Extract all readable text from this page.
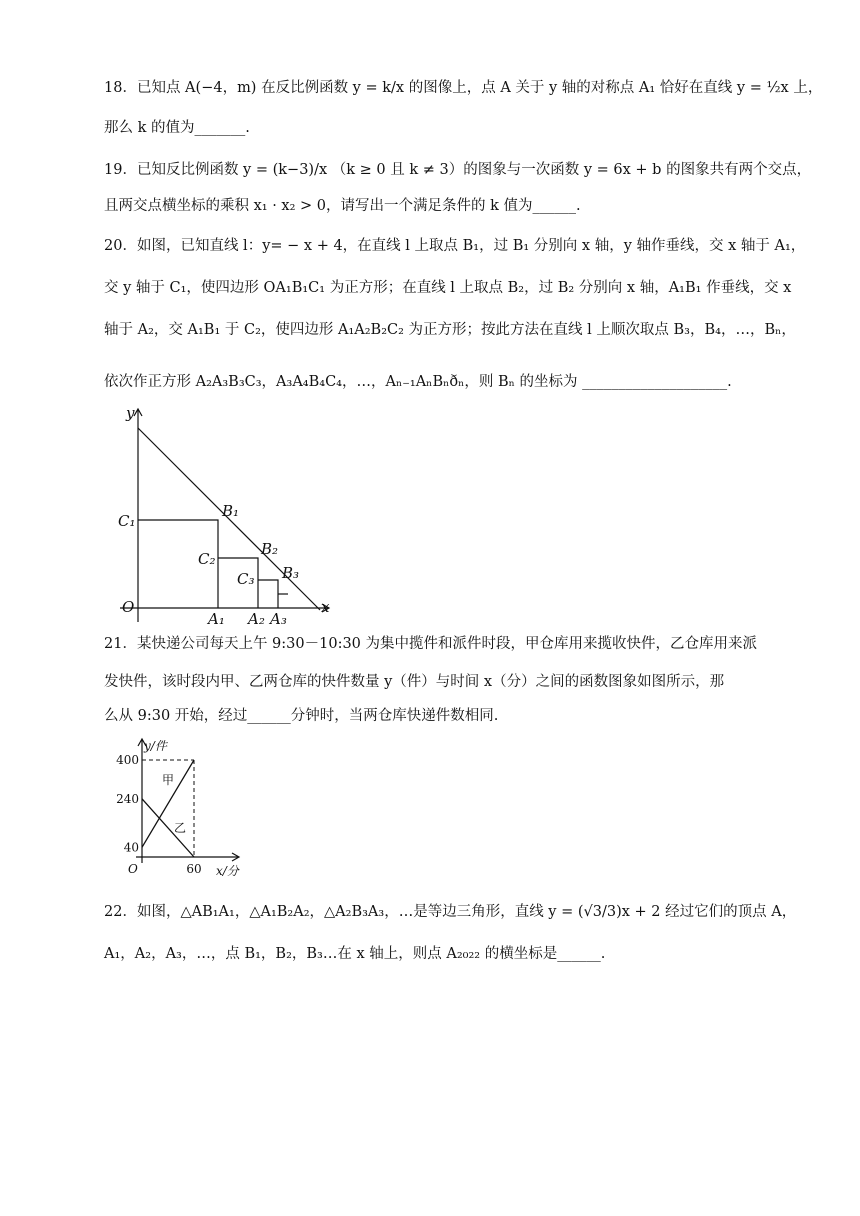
18．已知点 A(−4，m) 在反比例函数 y = k/x 的图像上，点 A 关于 y 轴的对称点 A₁ 恰好在直线 y = ½x 上，
那么 k 的值为_______.
19．已知反比例函数 y = (k−3)/x （k ≥ 0 且 k ≠ 3）的图象与一次函数 y = 6x + b 的图象共有两个交点，
且两交点横坐标的乘积 x₁ · x₂ > 0，请写出一个满足条件的 k 值为______.
20．如图，已知直线 l：y= − x + 4，在直线 l 上取点 B₁，过 B₁ 分别向 x 轴，y 轴作垂线，交 x 轴于 A₁，
交 y 轴于 C₁，使四边形 OA₁B₁C₁ 为正方形；在直线 l 上取点 B₂，过 B₂ 分别向 x 轴，A₁B₁ 作垂线，交 x
轴于 A₂，交 A₁B₁ 于 C₂，使四边形 A₁A₂B₂C₂ 为正方形；按此方法在直线 l 上顺次取点 B₃，B₄，…，Bₙ，
依次作正方形 A₂A₃B₃C₃，A₃A₄B₄C₄，…，Aₙ₋₁AₙBₙðₙ，则 Bₙ 的坐标为 ____________________.
y
x
O
C₁
C₂
C₃
B₁
B₂
B₃
A₁ A₂ A₃
21．某快递公司每天上午 9:30－10:30 为集中揽件和派件时段，甲仓库用来揽收快件，乙仓库用来派
发快件，该时段内甲、乙两仓库的快件数量 y（件）与时间 x（分）之间的函数图象如图所示，那
么从 9:30 开始，经过______分钟时，当两仓库快递件数相同.
甲
乙
400
240
40
60
O
y/件
x/分
22．如图，△AB₁A₁，△A₁B₂A₂，△A₂B₃A₃，…是等边三角形，直线 y = (√3/3)x + 2 经过它们的顶点 A，
A₁，A₂，A₃，…，点 B₁，B₂，B₃…在 x 轴上，则点 A₂₀₂₂ 的横坐标是______.
